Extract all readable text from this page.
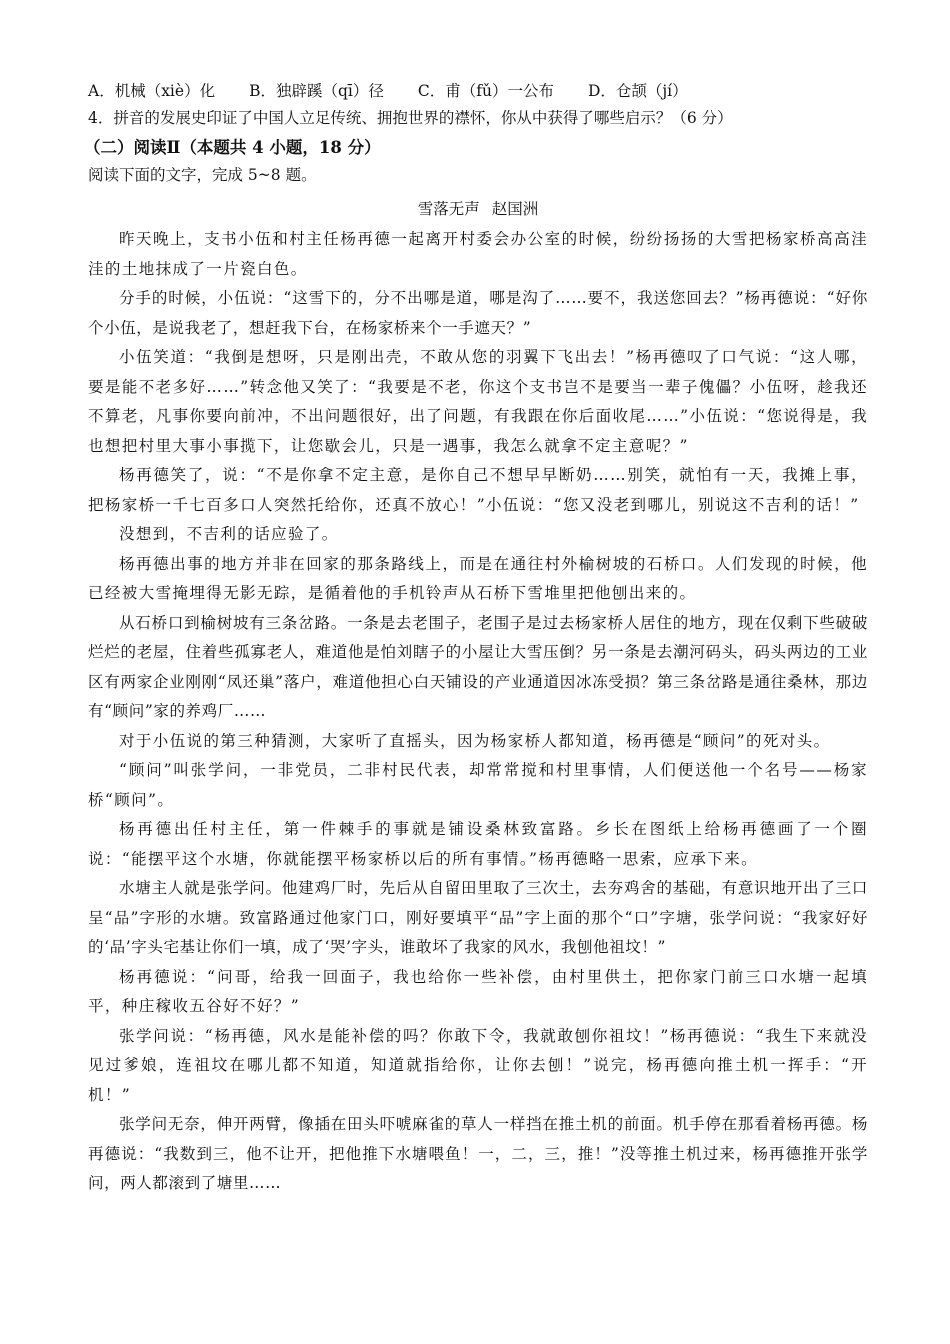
A．机械（xiè）化 B．独辟蹊（qī）径 C．甫（fǔ）一公布 D．仓颉（jí）
4．拼音的发展史印证了中国人立足传统、拥抱世界的襟怀，你从中获得了哪些启示？（6 分）
（二）阅读Ⅱ（本题共 4 小题，18 分）
阅读下面的文字，完成 5~8 题。
雪落无声 赵国洲

昨天晚上，支书小伍和村主任杨再德一起离开村委会办公室的时候，纷纷扬扬的大雪把杨家桥高高洼洼的土地抹成了一片瓷白色。

分手的时候，小伍说：“这雪下的，分不出哪是道，哪是沟了……要不，我送您回去？”杨再德说：“好你个小伍，是说我老了，想赶我下台，在杨家桥来个一手遮天？”

小伍笑道：“我倒是想呀，只是刚出壳，不敢从您的羽翼下飞出去！”杨再德叹了口气说：“这人哪，要是能不老多好……”转念他又笑了：“我要是不老，你这个支书岂不是要当一辈子傀儡？小伍呀，趁我还不算老，凡事你要向前冲，不出问题很好，出了问题，有我跟在你后面收尾……”小伍说：“您说得是，我也想把村里大事小事揽下，让您歇会儿，只是一遇事，我怎么就拿不定主意呢？”

杨再德笑了，说：“不是你拿不定主意，是你自己不想早早断奶……别笑，就怕有一天，我摊上事，把杨家桥一千七百多口人突然托给你，还真不放心！”小伍说：“您又没老到哪儿，别说这不吉利的话！”

没想到，不吉利的话应验了。

杨再德出事的地方并非在回家的那条路线上，而是在通往村外榆树坡的石桥口。人们发现的时候，他已经被大雪掩埋得无影无踪，是循着他的手机铃声从石桥下雪堆里把他刨出来的。

从石桥口到榆树坡有三条岔路。一条是去老围子，老围子是过去杨家桥人居住的地方，现在仅剩下些破破烂烂的老屋，住着些孤寡老人，难道他是怕刘瞎子的小屋让大雪压倒？另一条是去潮河码头，码头两边的工业区有两家企业刚刚“凤还巢”落户，难道他担心白天铺设的产业通道因冰冻受损？第三条岔路是通往桑林，那边有“顾问”家的养鸡厂……

对于小伍说的第三种猜测，大家听了直摇头，因为杨家桥人都知道，杨再德是“顾问”的死对头。

“顾问”叫张学问，一非党员，二非村民代表，却常常搅和村里事情，人们便送他一个名号——杨家桥“顾问”。

杨再德出任村主任，第一件棘手的事就是铺设桑林致富路。乡长在图纸上给杨再德画了一个圈说：“能摆平这个水塘，你就能摆平杨家桥以后的所有事情。”杨再德略一思索，应承下来。

水塘主人就是张学问。他建鸡厂时，先后从自留田里取了三次土，去夯鸡舍的基础，有意识地开出了三口呈“品”字形的水塘。致富路通过他家门口，刚好要填平“品”字上面的那个“口”字塘，张学问说：“我家好好的‘品’字头宅基让你们一填，成了‘哭’字头，谁敢坏了我家的风水，我刨他祖坟！”

杨再德说：“问哥，给我一回面子，我也给你一些补偿，由村里供土，把你家门前三口水塘一起填平，种庄稼收五谷好不好？”

张学问说：“杨再德，风水是能补偿的吗？你敢下令，我就敢刨你祖坟！”杨再德说：“我生下来就没见过爹娘，连祖坟在哪儿都不知道，知道就指给你，让你去刨！”说完，杨再德向推土机一挥手：“开机！”

张学问无奈，伸开两臂，像插在田头吓唬麻雀的草人一样挡在推土机的前面。机手停在那看着杨再德。杨再德说：“我数到三，他不让开，把他推下水塘喂鱼！一，二，三，推！”没等推土机过来，杨再德推开张学问，两人都滚到了塘里……
